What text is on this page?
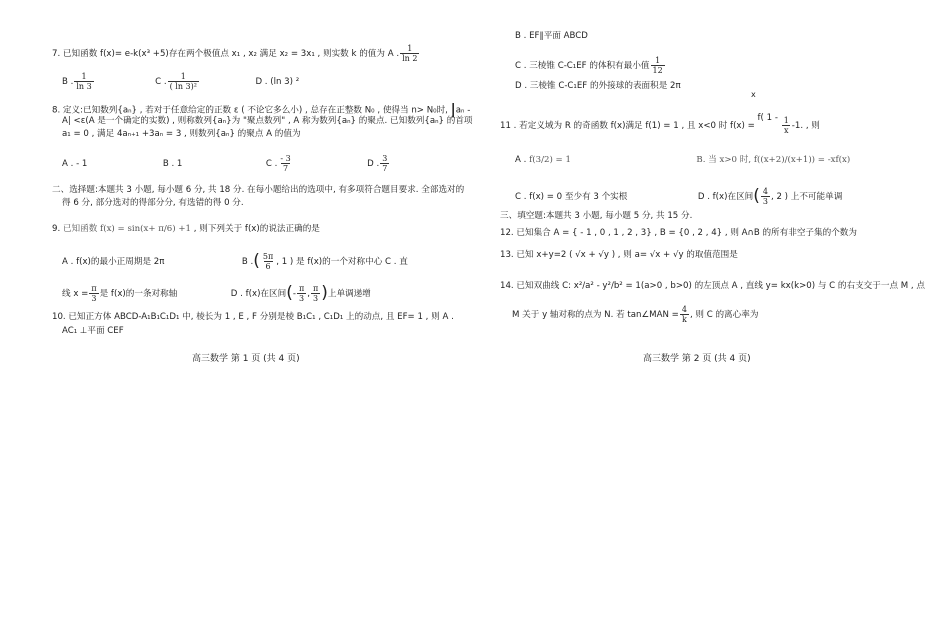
7. 已知函数 f(x)= e-k(x³ +5)存在两个极值点 x₁ , x₂ 满足 x₂ = 3x₁ , 则实数 k 的值为 A . $\frac{1}{\ln 2}$
B . $\frac{1}{\ln 3}$	C . $\frac{1}{\text{( ln 3)²}}$	D . (ln 3) ²
8. 定义:已知数列{aₙ} , 若对于任意给定的正数 ε ( 不论它多么小) , 总存在正整数 N₀ , 使得当 n> N₀时, |aₙ -
A| <ε(A 是一个确定的实数) , 则称数列{aₙ}为 "聚点数列" , A 称为数列{aₙ} 的聚点. 已知数列{aₙ} 的首项
a₁ = 0 , 满足 4aₙ₊₁ +3aₙ = 3 , 则数列{aₙ} 的聚点 A 的值为
A . - 1	B . 1	C . $\frac{- 3}{7}$	D . $\frac{3}{7}$
二、选择题:本题共 3 小题, 每小题 6 分, 共 18 分. 在每小题给出的选项中, 有多项符合题目要求. 全部选对的
得 6 分, 部分选对的得部分分, 有选错的得 0 分.
9. 已知函数 f(x) = sin(x+ π/6) +1 , 则下列关于 f(x)的说法正确的是
A . f(x)的最小正周期是 2π	B .( $\frac{5\pi}{6}$ , 1 ) 是 f(x)的一个对称中心 C . 直
线 $x = \frac{\pi}{3}$ 是 f(x)的一条对称轴	D . f(x)在区间(- $\frac{\pi}{3}$ , $\frac{\pi}{3}$ )上单调递增
10. 已知正方体 ABCD-A₁B₁C₁D₁ 中, 棱长为 1 , E , F 分别是棱 B₁C₁ , C₁D₁ 上的动点, 且 EF= 1 , 则 A .
AC₁ ⊥平面 CEF
高三数学 第 1 页 (共 4 页)
B . EF∥平面 ABCD
C . 三棱锥 C-C₁EF 的体积有最小值 $\frac{1}{12}$
D . 三棱锥 C-C₁EF 的外接球的表面积是 2π
x
11 . 若定义域为 R 的奇函数 f(x)满足 f(1) = 1 , 且 x<0 时 f(x) = f( $1 - \frac{1}{x} -1$. , 则
A . f(3/2) = 1	B. 当 x>0 时, f((x+2)/(x+1)) = -xf(x)
C . f(x) = 0 至少有 3 个实根	D . f(x)在区间( $\frac{4}{3}$ , 2 ) 上不可能单调
三、填空题:本题共 3 小题, 每小题 5 分, 共 15 分.
12. 已知集合 A = { - 1 , 0 , 1 , 2 , 3} , B = {0 , 2 , 4} , 则 A∩B 的所有非空子集的个数为
13. 已知 x+y=2 ( √x + √y ) , 则 a= √x + √y 的取值范围是
14. 已知双曲线 C: x²/a² - y²/b² = 1(a>0 , b>0) 的左顶点 A , 直线 y= kx(k>0) 与 C 的右支交于一点 M , 点
M 关于 y 轴对称的点为 N. 若 tan∠MAN = $\frac{4}{k}$ , 则 C 的离心率为
高三数学 第 2 页 (共 4 页)
